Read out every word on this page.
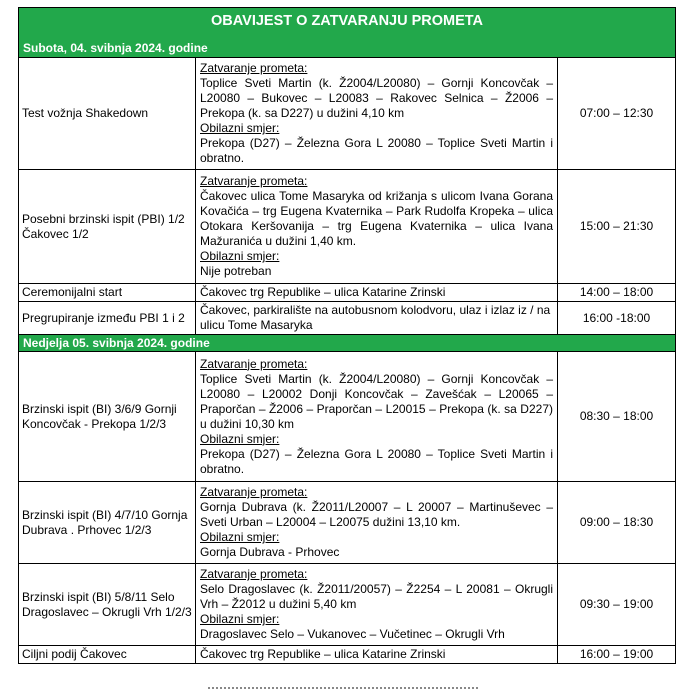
OBAVIJEST O ZATVARANJU PROMETA		
Subota, 04. svibnja 2024. godine		
Test vožnja Shakedown	Zatvaranje prometa:
Toplice Sveti Martin (k. Ž2004/L20080) – Gornji Koncovčak – L20080 – Bukovec – L20083 – Rakovec Selnica – Ž2006 – Prekopa (k. sa D227) u dužini 4,10 km
Obilazni smjer:
Prekopa (D27) – Železna Gora L 20080 – Toplice Sveti Martin i obratno.	07:00 – 12:30
Posebni brzinski ispit (PBI) 1/2 Čakovec 1/2	Zatvaranje prometa:
Čakovec ulica Tome Masaryka od križanja s ulicom Ivana Gorana Kovačića – trg Eugena Kvaternika – Park Rudolfa Kropeka – ulica Otokara Keršovanija – trg Eugena Kvaternika – ulica Ivana Mažuranića u dužini 1,40 km.
Obilazni smjer:
Nije potreban	15:00 – 21:30
Ceremonijalni start	Čakovec trg Republike – ulica Katarine Zrinski	14:00 – 18:00
Pregrupiranje između PBI 1 i 2	Čakovec, parkiralište na autobusnom kolodvoru, ulaz i izlaz iz / na ulicu Tome Masaryka	16:00 -18:00
Nedjelja 05. svibnja 2024. godine		
Brzinski ispit (BI) 3/6/9 Gornji Koncovčak - Prekopa 1/2/3	Zatvaranje prometa:
Toplice Sveti Martin (k. Ž2004/L20080) – Gornji Koncovčak – L20080 – L20002 Donji Koncovčak – Zavešćak – L20065 – Praporčan – Ž2006 – Praporčan – L20015 – Prekopa (k. sa D227) u dužini 10,30 km
Obilazni smjer:
Prekopa (D27) – Železna Gora L 20080 – Toplice Sveti Martin i obratno.	08:30 – 18:00
Brzinski ispit (BI) 4/7/10 Gornja Dubrava . Prhovec 1/2/3	Zatvaranje prometa:
Gornja Dubrava (k. Ž2011/L20007 – L 20007 – Martinuševec – Sveti Urban – L20004 – L20075 dužini 13,10 km.
Obilazni smjer:
Gornja Dubrava - Prhovec	09:00 – 18:30
Brzinski ispit (BI) 5/8/11 Selo Dragoslavec – Okrugli Vrh 1/2/3	Zatvaranje prometa:
Selo Dragoslavec (k. Ž2011/20057) – Ž2254 – L 20081 – Okrugli Vrh – Ž2012 u dužini 5,40 km
Obilazni smjer:
Dragoslavec Selo – Vukanovec – Vučetinec – Okrugli Vrh	09:30 – 19:00
Ciljni podij Čakovec	Čakovec trg Republike – ulica Katarine Zrinski	16:00 – 19:00
